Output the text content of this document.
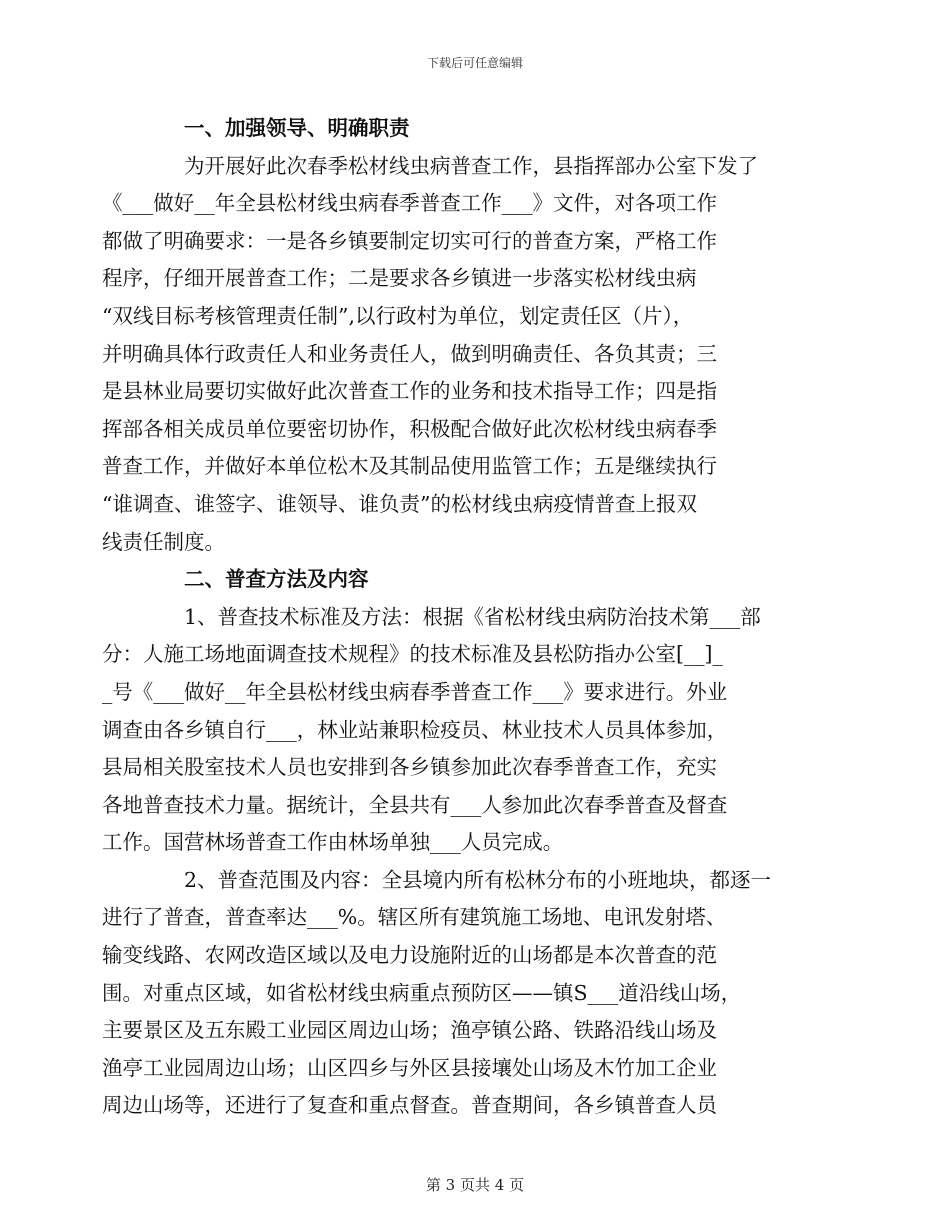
下载后可任意编辑

一、加强领导、明确职责

为开展好此次春季松材线虫病普查工作，县指挥部办公室下发了
《___做好__年全县松材线虫病春季普查工作___》文件，对各项工作
都做了明确要求：一是各乡镇要制定切实可行的普查方案，严格工作
程序，仔细开展普查工作；二是要求各乡镇进一步落实松材线虫病
“双线目标考核管理责任制”,以行政村为单位，划定责任区（片），
并明确具体行政责任人和业务责任人，做到明确责任、各负其责；三
是县林业局要切实做好此次普查工作的业务和技术指导工作；四是指
挥部各相关成员单位要密切协作，积极配合做好此次松材线虫病春季
普查工作，并做好本单位松木及其制品使用监管工作；五是继续执行
“谁调查、谁签字、谁领导、谁负责”的松材线虫病疫情普查上报双
线责任制度。

二、普查方法及内容

1、普查技术标准及方法：根据《省松材线虫病防治技术第___部
分：人施工场地面调查技术规程》的技术标准及县松防指办公室[__]_
_号《___做好__年全县松材线虫病春季普查工作___》要求进行。外业
调查由各乡镇自行___，林业站兼职检疫员、林业技术人员具体参加，
县局相关股室技术人员也安排到各乡镇参加此次春季普查工作，充实
各地普查技术力量。据统计，全县共有___人参加此次春季普查及督查
工作。国营林场普查工作由林场单独___人员完成。
2、普查范围及内容：全县境内所有松林分布的小班地块，都逐一
进行了普查，普查率达___%。辖区所有建筑施工场地、电讯发射塔、
输变线路、农网改造区域以及电力设施附近的山场都是本次普查的范
围。对重点区域，如省松材线虫病重点预防区——镇S___道沿线山场，
主要景区及五东殿工业园区周边山场；渔亭镇公路、铁路沿线山场及
渔亭工业园周边山场；山区四乡与外区县接壤处山场及木竹加工企业
周边山场等，还进行了复查和重点督查。普查期间，各乡镇普查人员
第 3 页共 4 页
